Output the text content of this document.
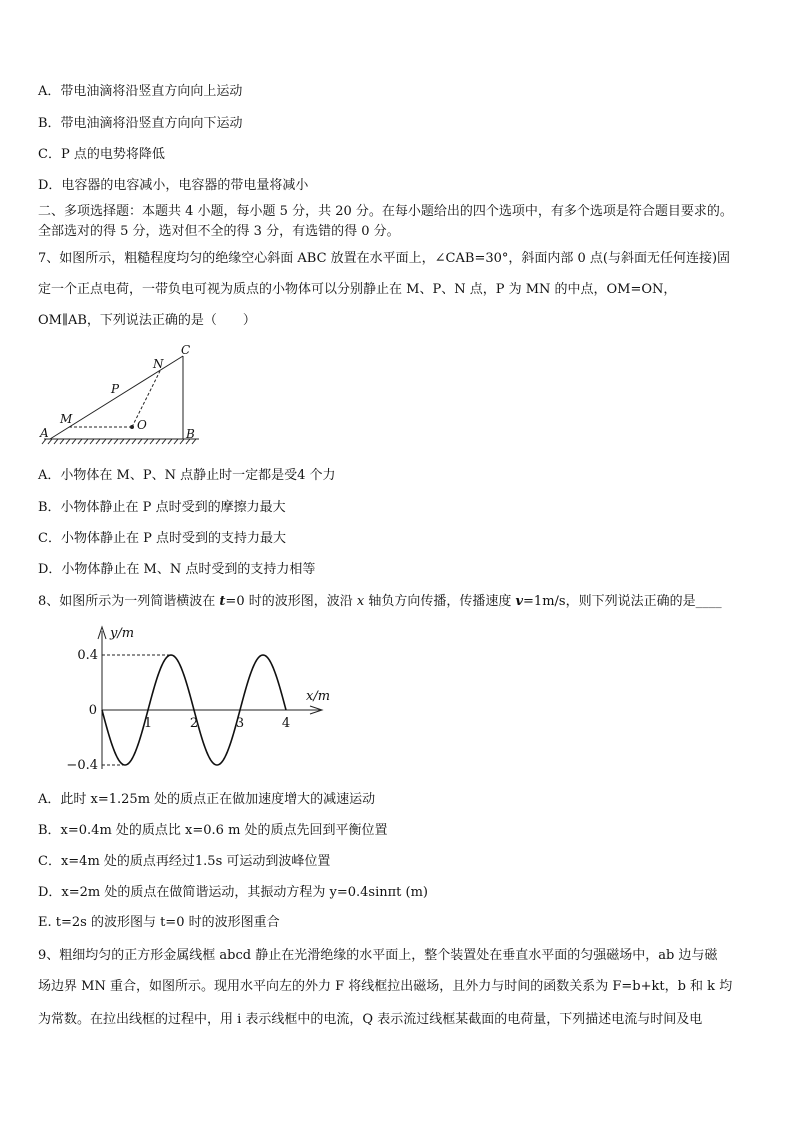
A．带电油滴将沿竖直方向向上运动
B．带电油滴将沿竖直方向向下运动
C．P 点的电势将降低
D．电容器的电容减小，电容器的带电量将减小
二、多项选择题：本题共 4 小题，每小题 5 分，共 20 分。在每小题给出的四个选项中，有多个选项是符合题目要求的。
全部选对的得 5 分，选对但不全的得 3 分，有选错的得 0 分。
7、如图所示，粗糙程度均匀的绝缘空心斜面 ABC 放置在水平面上，∠CAB=30°，斜面内部 0 点(与斜面无任何连接)固
定一个正点电荷，一带负电可视为质点的小物体可以分别静止在 M、P、N 点，P 为 MN 的中点，OM=ON，
OM∥AB，下列说法正确的是（　　）
A	B
C
M
P
N
O
A．小物体在 M、P、N 点静止时一定都是受4 个力
B．小物体静止在 P 点时受到的摩擦力最大
C．小物体静止在 P 点时受到的支持力最大
D．小物体静止在 M、N 点时受到的支持力相等
8、如图所示为一列简谐横波在 t=0 时的波形图，波沿 x 轴负方向传播，传播速度 v=1m/s，则下列说法正确的是____
y/m
x/m
0.4
−0.4
0
1	2	3	4
A．此时 x=1.25m 处的质点正在做加速度增大的减速运动
B．x=0.4m 处的质点比 x=0.6 m 处的质点先回到平衡位置
C．x=4m 处的质点再经过1.5s 可运动到波峰位置
D．x=2m 处的质点在做简谐运动，其振动方程为 y=0.4sinπt (m)
E. t=2s 的波形图与 t=0 时的波形图重合
9、粗细均匀的正方形金属线框 abcd 静止在光滑绝缘的水平面上，整个装置处在垂直水平面的匀强磁场中，ab 边与磁
场边界 MN 重合，如图所示。现用水平向左的外力 F 将线框拉出磁场，且外力与时间的函数关系为 F=b+kt，b 和 k 均
为常数。在拉出线框的过程中，用 i 表示线框中的电流，Q 表示流过线框某截面的电荷量，下列描述电流与时间及电
